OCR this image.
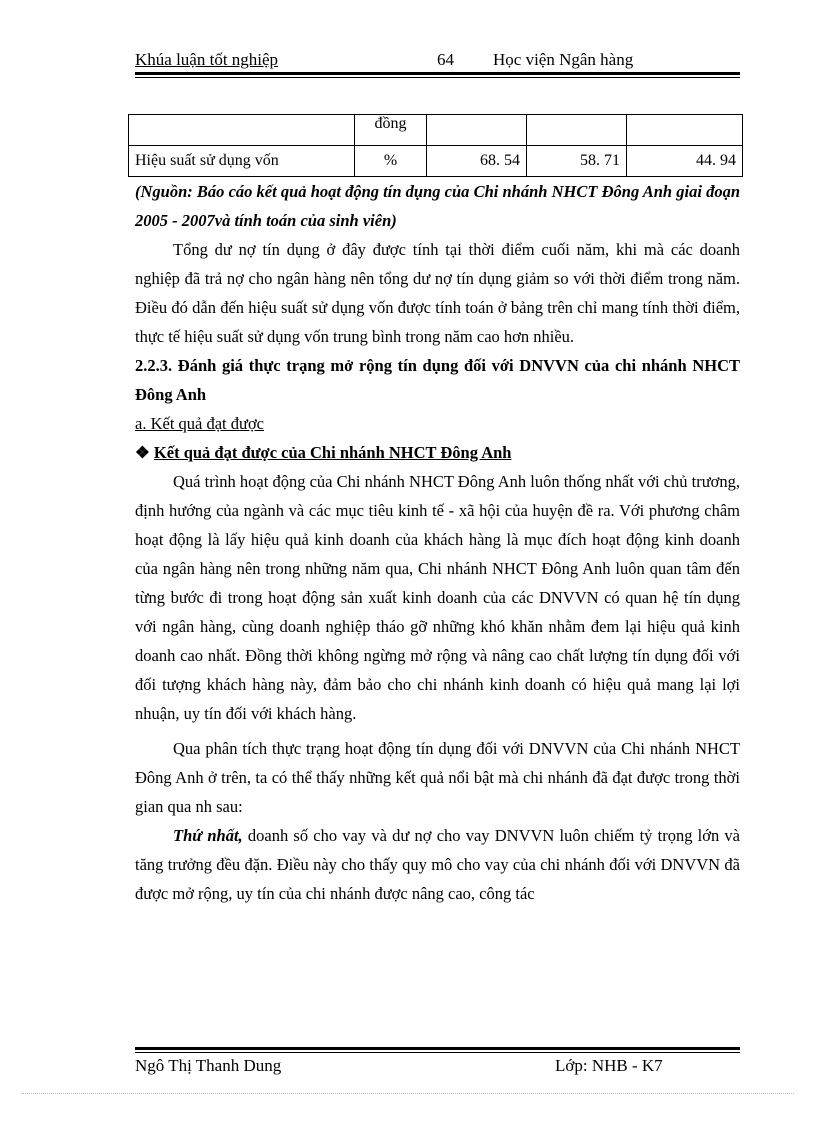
Khúa luận tốt nghiệp	64 Học viện Ngân hàng
	đồng			
Hiệu suất sử dụng vốn	%	68. 54	58. 71	44. 94

(Nguồn: Báo cáo kết quả hoạt động tín dụng của Chi nhánh NHCT Đông Anh giai đoạn 2005 - 2007và tính toán của sinh viên)

Tổng dư nợ tín dụng ở đây được tính tại thời điểm cuối năm, khi mà các doanh nghiệp đã trả nợ cho ngân hàng nên tổng dư nợ tín dụng giảm so với thời điểm trong năm. Điều đó dẫn đến hiệu suất sử dụng vốn được tính toán ở bảng trên chỉ mang tính thời điểm, thực tế hiệu suất sử dụng vốn trung bình trong năm cao hơn nhiều.

2.2.3. Đánh giá thực trạng mở rộng tín dụng đối với DNVVN của chi nhánh NHCT Đông Anh

a. Kết quả đạt được

❖ Kết quả đạt được của Chi nhánh NHCT Đông Anh

Quá trình hoạt động của Chi nhánh NHCT Đông Anh luôn thống nhất với chủ trương, định hướng của ngành và các mục tiêu kinh tế - xã hội của huyện đề ra. Với phương châm hoạt động là lấy hiệu quả kinh doanh của khách hàng là mục đích hoạt động kinh doanh của ngân hàng nên trong những năm qua, Chi nhánh NHCT Đông Anh luôn quan tâm đến từng bước đi trong hoạt động sản xuất kinh doanh của các DNVVN có quan hệ tín dụng với ngân hàng, cùng doanh nghiệp tháo gỡ những khó khăn nhằm đem lại hiệu quả kinh doanh cao nhất. Đồng thời không ngừng mở rộng và nâng cao chất lượng tín dụng đối với đối tượng khách hàng này, đảm bảo cho chi nhánh kinh doanh có hiệu quả mang lại lợi nhuận, uy tín đối với khách hàng.

Qua phân tích thực trạng hoạt động tín dụng đối với DNVVN của Chi nhánh NHCT Đông Anh ở trên, ta có thể thấy những kết quả nổi bật mà chi nhánh đã đạt được trong thời gian qua nh sau:

Thứ nhất, doanh số cho vay và dư nợ cho vay DNVVN luôn chiếm tỷ trọng lớn và tăng trưởng đều đặn. Điều này cho thấy quy mô cho vay của chi nhánh đối với DNVVN đã được mở rộng, uy tín của chi nhánh được nâng cao, công tác

Ngô Thị Thanh Dung	Lớp: NHB - K7
